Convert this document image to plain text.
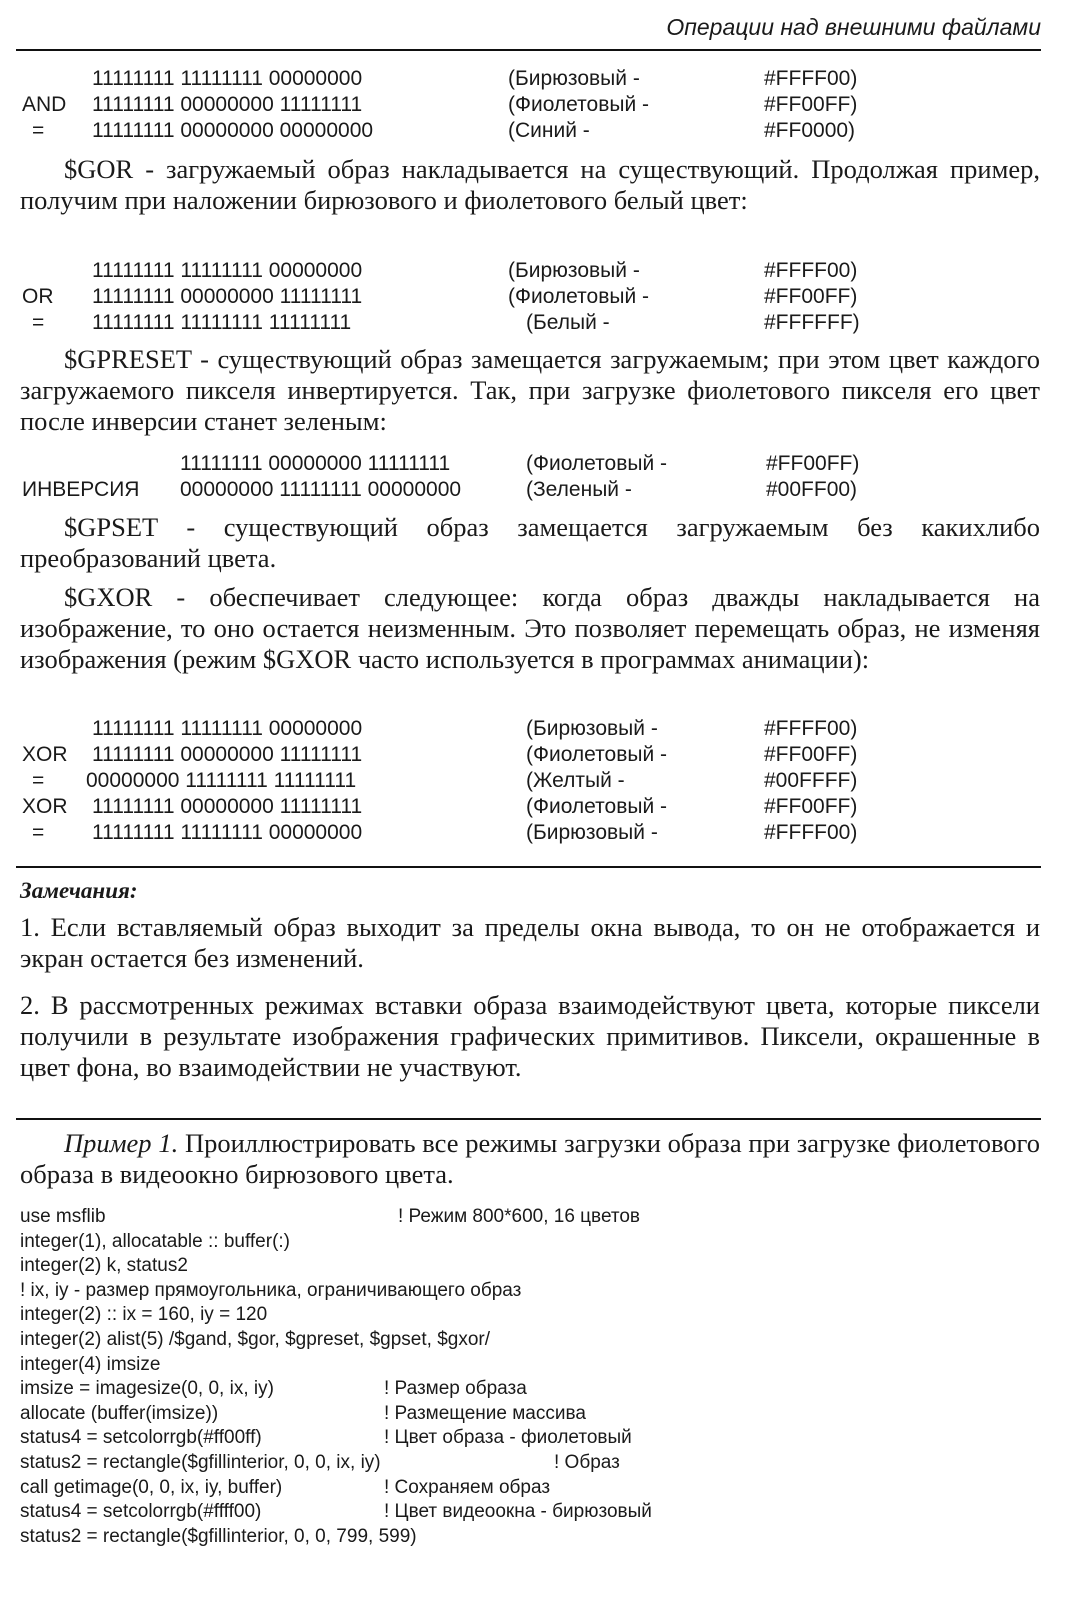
Операции над внешними файлами
11111111 11111111 00000000	(Бирюзовый -	#FFFF00)
AND 11111111 00000000 11111111	(Фиолетовый -	#FF00FF)
= 11111111 00000000 00000000	(Синий -	#FF0000)
$GOR - загружаемый образ накладывается на существующий. Продолжая пример, получим при наложении бирюзового и фиолетового белый цвет:
11111111 11111111 00000000	(Бирюзовый -	#FFFF00)
OR 11111111 00000000 11111111	(Фиолетовый -	#FF00FF)
= 11111111 11111111 11111111	(Белый -	#FFFFFF)
$GPRESET - существующий образ замещается загружаемым; при этом цвет каждого загружаемого пикселя инвертируется. Так, при загрузке фиолетового пикселя его цвет после инверсии станет зеленым:
11111111 00000000 11111111	(Фиолетовый -	#FF00FF)
ИНВЕРСИЯ 00000000 11111111 00000000	(Зеленый -	#00FF00)
$GPSET - существующий образ замещается загружаемым без какихлибо преобразований цвета.
$GXOR - обеспечивает следующее: когда образ дважды накладывается на изображение, то оно остается неизменным. Это позволяет перемещать образ, не изменяя изображения (режим $GXOR часто используется в программах анимации):
11111111 11111111 00000000	(Бирюзовый -	#FFFF00)
XOR 11111111 00000000 11111111	(Фиолетовый -	#FF00FF)
= 00000000 11111111 11111111	(Желтый -	#00FFFF)
XOR 11111111 00000000 11111111	(Фиолетовый -	#FF00FF)
= 11111111 11111111 00000000	(Бирюзовый -	#FFFF00)
Замечания:
1. Если вставляемый образ выходит за пределы окна вывода, то он не отображается и экран остается без изменений.
2. В рассмотренных режимах вставки образа взаимодействуют цвета, которые пиксели получили в результате изображения графических примитивов. Пиксели, окрашенные в цвет фона, во взаимодействии не участвуют.
Пример 1. Проиллюстрировать все режимы загрузки образа при загрузке фиолетового образа в видеоокно бирюзового цвета.
use msflib	! Режим 800*600, 16 цветов
integer(1), allocatable :: buffer(:)
integer(2) k, status2
! ix, iy - размер прямоугольника, ограничивающего образ
integer(2) :: ix = 160, iy = 120
integer(2) alist(5) /$gand, $gor, $gpreset, $gpset, $gxor/
integer(4) imsize
imsize = imagesize(0, 0, ix, iy)	! Размер образа
allocate (buffer(imsize))	! Размещение массива
status4 = setcolorrgb(#ff00ff)	! Цвет образа - фиолетовый
status2 = rectangle($gfillinterior, 0, 0, ix, iy)	! Образ
call getimage(0, 0, ix, iy, buffer)	! Сохраняем образ
status4 = setcolorrgb(#ffff00)	! Цвет видеоокна - бирюзовый
status2 = rectangle($gfillinterior, 0, 0, 799, 599)
